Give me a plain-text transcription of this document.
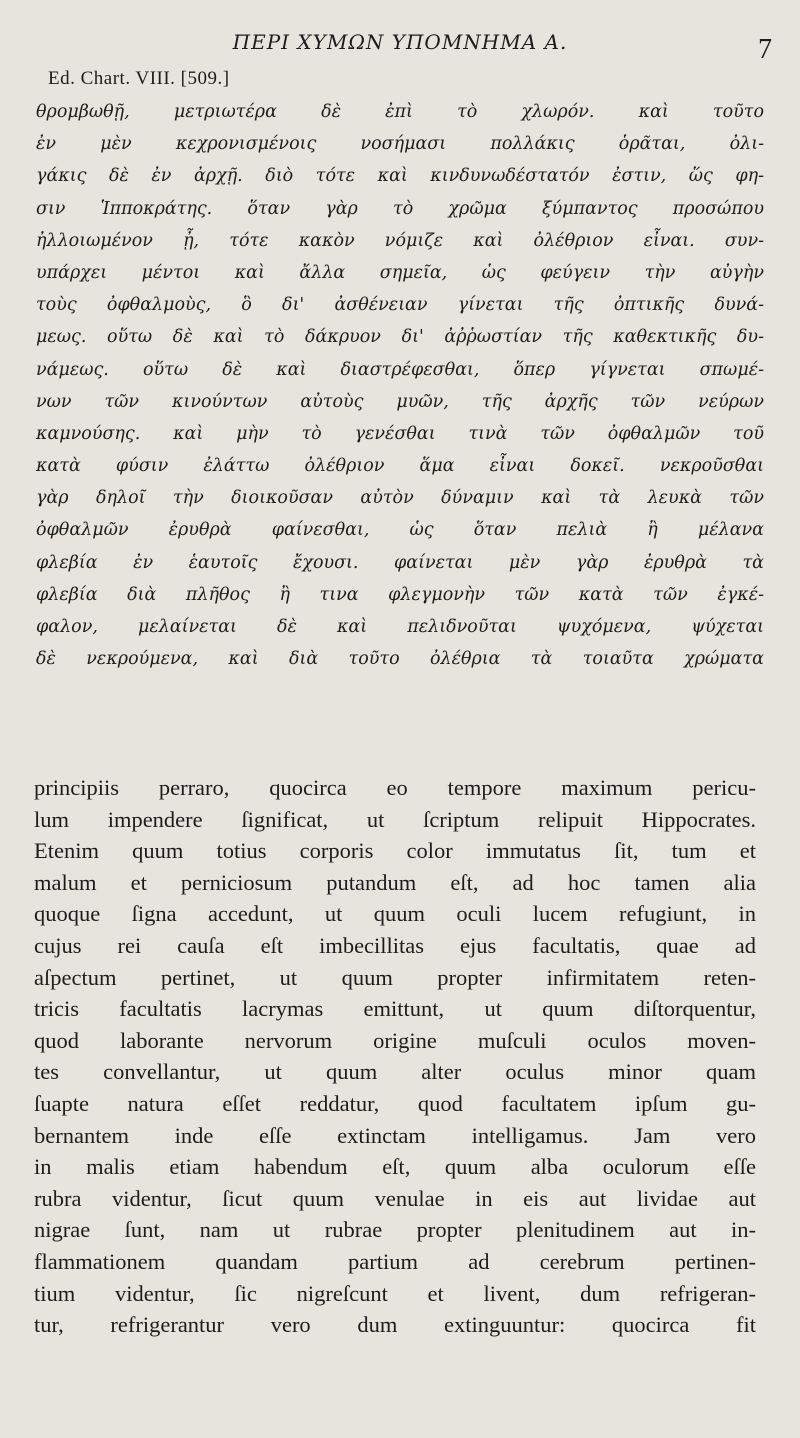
ΠΕΡΙ ΧΥΜΩΝ ΥΠΟΜΝΗΜΑ Α.	7
Ed. Chart. VIII. [509.]
θρομβωθῇ, μετριωτέρα δὲ ἐπὶ τὸ χλωρόν. καὶ τοῦτο
ἐν μὲν κεχρονισμένοις νοσήμασι πολλάκις ὁρᾶται, ὀλι-
γάκις δὲ ἐν ἀρχῇ. διὸ τότε καὶ κινδυνωδέστατόν ἐστιν, ὥς φη-
σιν Ἱπποκράτης. ὅταν γὰρ τὸ χρῶμα ξύμπαντος προσώπου
ἠλλοιωμένον ᾖ, τότε κακὸν νόμιζε καὶ ὀλέθριον εἶναι. συν-
υπάρχει μέντοι καὶ ἄλλα σημεῖα, ὡς φεύγειν τὴν αὐγὴν
τοὺς ὀφθαλμοὺς, ὃ δι' ἀσθένειαν γίνεται τῆς ὀπτικῆς δυνά-
μεως. οὕτω δὲ καὶ τὸ δάκρυον δι' ἀῤῥωστίαν τῆς καθεκτικῆς δυ-
νάμεως. οὕτω δὲ καὶ διαστρέφεσθαι, ὅπερ γίγνεται σπωμέ-
νων τῶν κινούντων αὐτοὺς μυῶν, τῆς ἀρχῆς τῶν νεύρων
καμνούσης. καὶ μὴν τὸ γενέσθαι τινὰ τῶν ὀφθαλμῶν τοῦ
κατὰ φύσιν ἐλάττω ὀλέθριον ἅμα εἶναι δοκεῖ. νεκροῦσθαι
γὰρ δηλοῖ τὴν διοικοῦσαν αὐτὸν δύναμιν καὶ τὰ λευκὰ τῶν
ὀφθαλμῶν ἐρυθρὰ φαίνεσθαι, ὡς ὅταν πελιὰ ἢ μέλανα
φλεβία ἐν ἑαυτοῖς ἔχουσι. φαίνεται μὲν γὰρ ἐρυθρὰ τὰ
φλεβία διὰ πλῆθος ἢ τινα φλεγμονὴν τῶν κατὰ τῶν ἐγκέ-
φαλον, μελαίνεται δὲ καὶ πελιδνοῦται ψυχόμενα, ψύχεται
δὲ νεκρούμενα, καὶ διὰ τοῦτο ὀλέθρια τὰ τοιαῦτα χρώματα
principiis perraro, quocirca eo tempore maximum pericu-
lum impendere ſignificat, ut ſcriptum relipuit Hippocrates.
Etenim quum totius corporis color immutatus ſit, tum et
malum et perniciosum putandum eſt, ad hoc tamen alia
quoque ſigna accedunt, ut quum oculi lucem refugiunt, in
cujus rei cauſa eſt imbecillitas ejus facultatis, quae ad
aſpectum pertinet, ut quum propter infirmitatem reten-
tricis facultatis lacrymas emittunt, ut quum diſtorquentur,
quod laborante nervorum origine muſculi oculos moven-
tes convellantur, ut quum alter oculus minor quam
ſuapte natura eſſet reddatur, quod facultatem ipſum gu-
bernantem inde eſſe extinctam intelligamus. Jam vero
in malis etiam habendum eſt, quum alba oculorum eſſe
rubra videntur, ſicut quum venulae in eis aut lividae aut
nigrae ſunt, nam ut rubrae propter plenitudinem aut in-
flammationem quandam partium ad cerebrum pertinen-
tium videntur, ſic nigreſcunt et livent, dum refrigeran-
tur, refrigerantur vero dum extinguuntur: quocirca fit
